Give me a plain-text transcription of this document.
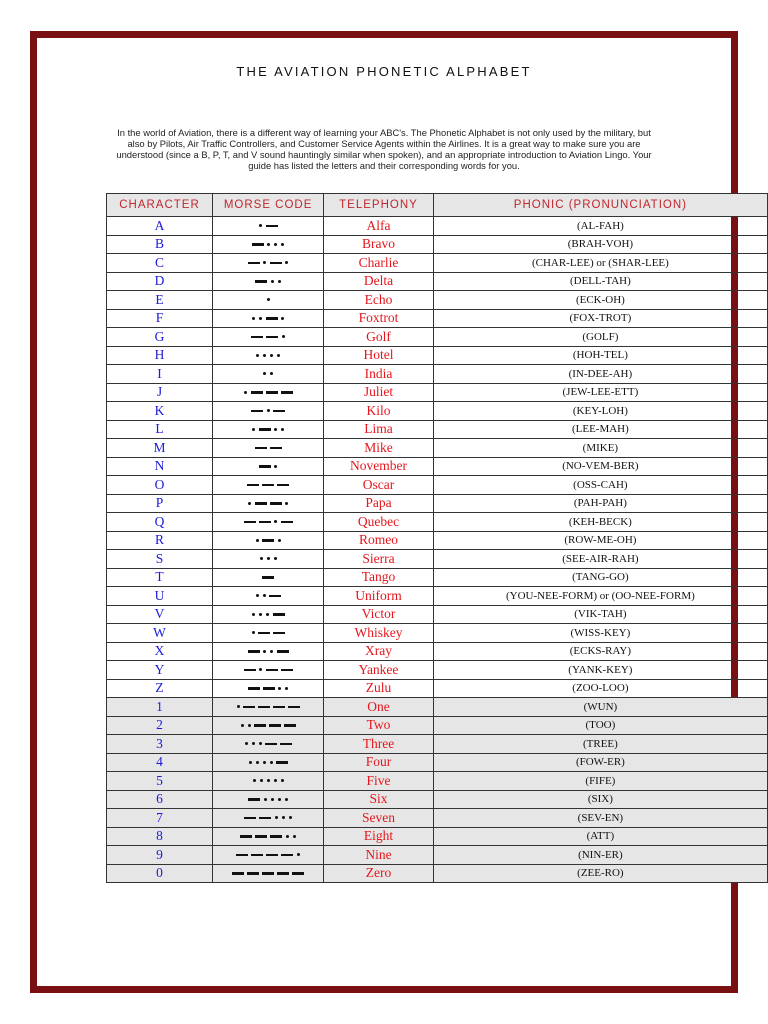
THE AVIATION PHONETIC ALPHABET
In the world of Aviation, there is a different way of learning your ABC's. The Phonetic Alphabet is not only used by the military, but also by Pilots, Air Traffic Controllers, and Customer Service Agents within the Airlines. It is a great way to make sure you are understood (since a B, P, T, and V sound hauntingly similar when spoken), and an appropriate introduction to Aviation Lingo. Your guide has listed the letters and their corresponding words for you.
CHARACTER	MORSE CODE	TELEPHONY	PHONIC (PRONUNCIATION)
A		Alfa	(AL-FAH)
B		Bravo	(BRAH-VOH)
C		Charlie	(CHAR-LEE) or (SHAR-LEE)
D		Delta	(DELL-TAH)
E		Echo	(ECK-OH)
F		Foxtrot	(FOX-TROT)
G		Golf	(GOLF)
H		Hotel	(HOH-TEL)
I		India	(IN-DEE-AH)
J		Juliet	(JEW-LEE-ETT)
K		Kilo	(KEY-LOH)
L		Lima	(LEE-MAH)
M		Mike	(MIKE)
N		November	(NO-VEM-BER)
O		Oscar	(OSS-CAH)
P		Papa	(PAH-PAH)
Q		Quebec	(KEH-BECK)
R		Romeo	(ROW-ME-OH)
S		Sierra	(SEE-AIR-RAH)
T		Tango	(TANG-GO)
U		Uniform	(YOU-NEE-FORM) or (OO-NEE-FORM)
V		Victor	(VIK-TAH)
W		Whiskey	(WISS-KEY)
X		Xray	(ECKS-RAY)
Y		Yankee	(YANK-KEY)
Z		Zulu	(ZOO-LOO)
1		One	(WUN)
2		Two	(TOO)
3		Three	(TREE)
4		Four	(FOW-ER)
5		Five	(FIFE)
6		Six	(SIX)
7		Seven	(SEV-EN)
8		Eight	(ATT)
9		Nine	(NIN-ER)
0		Zero	(ZEE-RO)
